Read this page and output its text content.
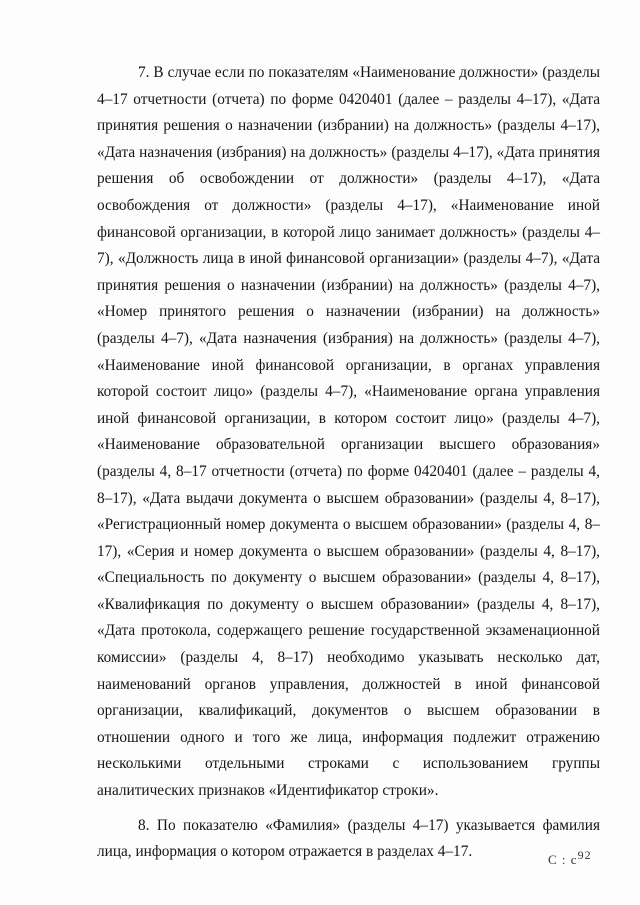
7. В случае если по показателям «Наименование должности» (разделы 4–17 отчетности (отчета) по форме 0420401 (далее – разделы 4–17), «Дата принятия решения о назначении (избрании) на должность» (разделы 4–17), «Дата назначения (избрания) на должность» (разделы 4–17), «Дата принятия решения об освобождении от должности» (разделы 4–17), «Дата освобождения от должности» (разделы 4–17), «Наименование иной финансовой организации, в которой лицо занимает должность» (разделы 4–7), «Должность лица в иной финансовой организации» (разделы 4–7), «Дата принятия решения о назначении (избрании) на должность» (разделы 4–7), «Номер принятого решения о назначении (избрании) на должность» (разделы 4–7), «Дата назначения (избрания) на должность» (разделы 4–7), «Наименование иной финансовой организации, в органах управления которой состоит лицо» (разделы 4–7), «Наименование органа управления иной финансовой организации, в котором состоит лицо» (разделы 4–7), «Наименование образовательной организации высшего образования» (разделы 4, 8–17 отчетности (отчета) по форме 0420401 (далее – разделы 4, 8–17), «Дата выдачи документа о высшем образовании» (разделы 4, 8–17), «Регистрационный номер документа о высшем образовании» (разделы 4, 8–17), «Серия и номер документа о высшем образовании» (разделы 4, 8–17), «Специальность по документу о высшем образовании» (разделы 4, 8–17), «Квалификация по документу о высшем образовании» (разделы 4, 8–17), «Дата протокола, содержащего решение государственной экзаменационной комиссии» (разделы 4, 8–17) необходимо указывать несколько дат, наименований органов управления, должностей в иной финансовой организации, квалификаций, документов о высшем образовании в отношении одного и того же лица, информация подлежит отражению несколькими отдельными строками с использованием группы аналитических признаков «Идентификатор строки».

8. По показателю «Фамилия» (разделы 4–17) указывается фамилия лица, информация о котором отражается в разделах 4–17.	С : с92
